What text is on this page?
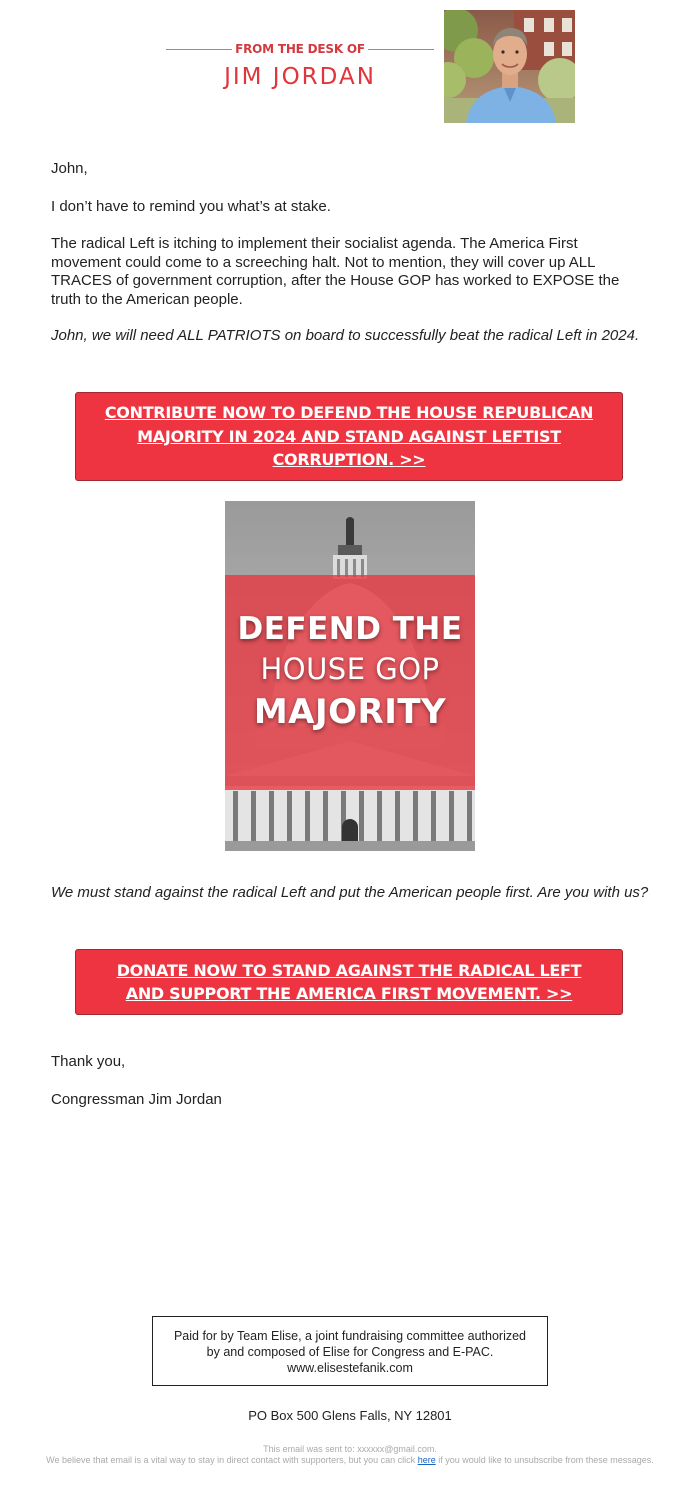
FROM THE DESK OF
JIM JORDAN

John,

I don’t have to remind you what’s at stake.

The radical Left is itching to implement their socialist agenda. The America First movement could come to a screeching halt. Not to mention, they will cover up ALL TRACES of government corruption, after the House GOP has worked to EXPOSE the truth to the American people.

John, we will need ALL PATRIOTS on board to successfully beat the radical Left in 2024.

CONTRIBUTE NOW TO DEFEND THE HOUSE REPUBLICAN MAJORITY IN 2024 AND STAND AGAINST LEFTIST CORRUPTION. >>
DEFEND THE
HOUSE GOP
MAJORITY

We must stand against the radical Left and put the American people first. Are you with us?

DONATE NOW TO STAND AGAINST THE RADICAL LEFT AND SUPPORT THE AMERICA FIRST MOVEMENT. >>

Thank you,

Congressman Jim Jordan

Paid for by Team Elise, a joint fundraising committee authorized by and composed of Elise for Congress and E-PAC. www.elisestefanik.com
PO Box 500 Glens Falls, NY 12801

This email was sent to: xxxxxx@gmail.com.

We believe that email is a vital way to stay in direct contact with supporters, but you can click here if you would like to unsubscribe from these messages.
